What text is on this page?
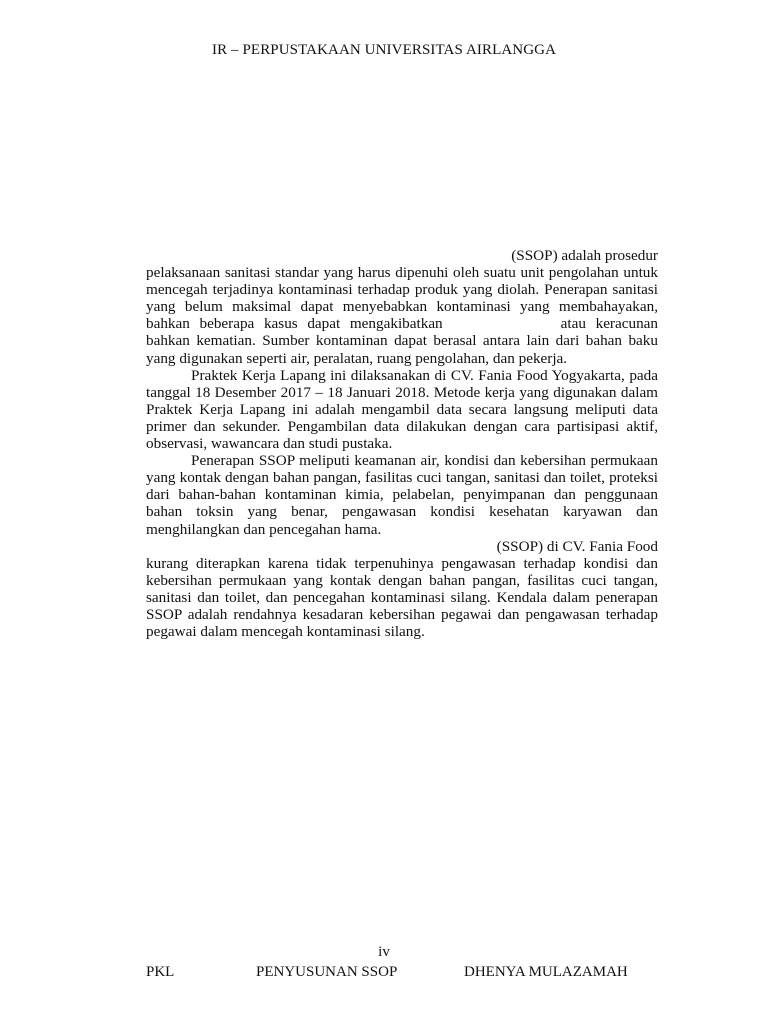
IR – PERPUSTAKAAN UNIVERSITAS AIRLANGGA

(SSOP) adalah prosedur

pelaksanaan sanitasi standar yang harus dipenuhi oleh suatu unit pengolahan untuk mencegah terjadinya kontaminasi terhadap produk yang diolah. Penerapan sanitasi yang belum maksimal dapat menyebabkan kontaminasi yang membahayakan, bahkan beberapa kasus dapat mengakibatkan	atau keracunan bahkan kematian. Sumber kontaminan dapat berasal antara lain dari bahan baku yang digunakan seperti air, peralatan, ruang pengolahan, dan pekerja.

Praktek Kerja Lapang ini dilaksanakan di CV. Fania Food Yogyakarta, pada tanggal 18 Desember 2017 – 18 Januari 2018. Metode kerja yang digunakan dalam Praktek Kerja Lapang ini adalah mengambil data secara langsung meliputi data primer dan sekunder. Pengambilan data dilakukan dengan cara partisipasi aktif, observasi, wawancara dan studi pustaka.

Penerapan SSOP meliputi keamanan air, kondisi dan kebersihan permukaan yang kontak dengan bahan pangan, fasilitas cuci tangan, sanitasi dan toilet, proteksi dari bahan-bahan kontaminan kimia, pelabelan, penyimpanan dan penggunaan bahan toksin yang benar, pengawasan kondisi kesehatan karyawan dan menghilangkan dan pencegahan hama.

(SSOP) di CV. Fania Food

kurang diterapkan karena tidak terpenuhinya pengawasan terhadap kondisi dan kebersihan permukaan yang kontak dengan bahan pangan, fasilitas cuci tangan, sanitasi dan toilet, dan pencegahan kontaminasi silang. Kendala dalam penerapan SSOP adalah rendahnya kesadaran kebersihan pegawai dan pengawasan terhadap pegawai dalam mencegah kontaminasi silang.

iv
PKL	PENYUSUNAN SSOP	DHENYA MULAZAMAH
